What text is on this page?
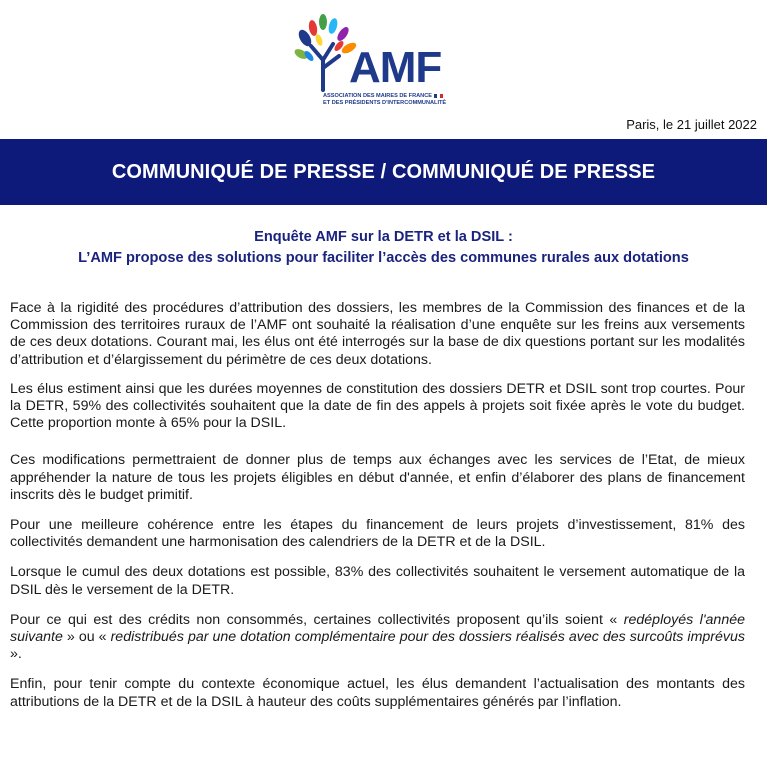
AMF
ASSOCIATION DES MAIRES DE FRANCE
ET DES PRÉSIDENTS D'INTERCOMMUNALITÉ
Paris, le 21 juillet 2022
COMMUNIQUÉ DE PRESSE / COMMUNIQUÉ DE PRESSE
Enquête AMF sur la DETR et la DSIL :
L’AMF propose des solutions pour faciliter l’accès des communes rurales aux dotations

Face à la rigidité des procédures d’attribution des dossiers, les membres de la Commission des finances et de la Commission des territoires ruraux de l’AMF ont souhaité la réalisation d’une enquête sur les freins aux versements de ces deux dotations. Courant mai, les élus ont été interrogés sur la base de dix questions portant sur les modalités d’attribution et d’élargissement du périmètre de ces deux dotations.

Les élus estiment ainsi que les durées moyennes de constitution des dossiers DETR et DSIL sont trop courtes. Pour la DETR, 59% des collectivités souhaitent que la date de fin des appels à projets soit fixée après le vote du budget. Cette proportion monte à 65% pour la DSIL.

Ces modifications permettraient de donner plus de temps aux échanges avec les services de l’Etat, de mieux appréhender la nature de tous les projets éligibles en début d'année, et enfin d’élaborer des plans de financement inscrits dès le budget primitif.

Pour une meilleure cohérence entre les étapes du financement de leurs projets d’investissement, 81% des collectivités demandent une harmonisation des calendriers de la DETR et de la DSIL.

Lorsque le cumul des deux dotations est possible, 83% des collectivités souhaitent le versement automatique de la DSIL dès le versement de la DETR.

Pour ce qui est des crédits non consommés, certaines collectivités proposent qu’ils soient « redéployés l'année suivante » ou « redistribués par une dotation complémentaire pour des dossiers réalisés avec des surcoûts imprévus ».

Enfin, pour tenir compte du contexte économique actuel, les élus demandent l’actualisation des montants des attributions de la DETR et de la DSIL à hauteur des coûts supplémentaires générés par l’inflation.
